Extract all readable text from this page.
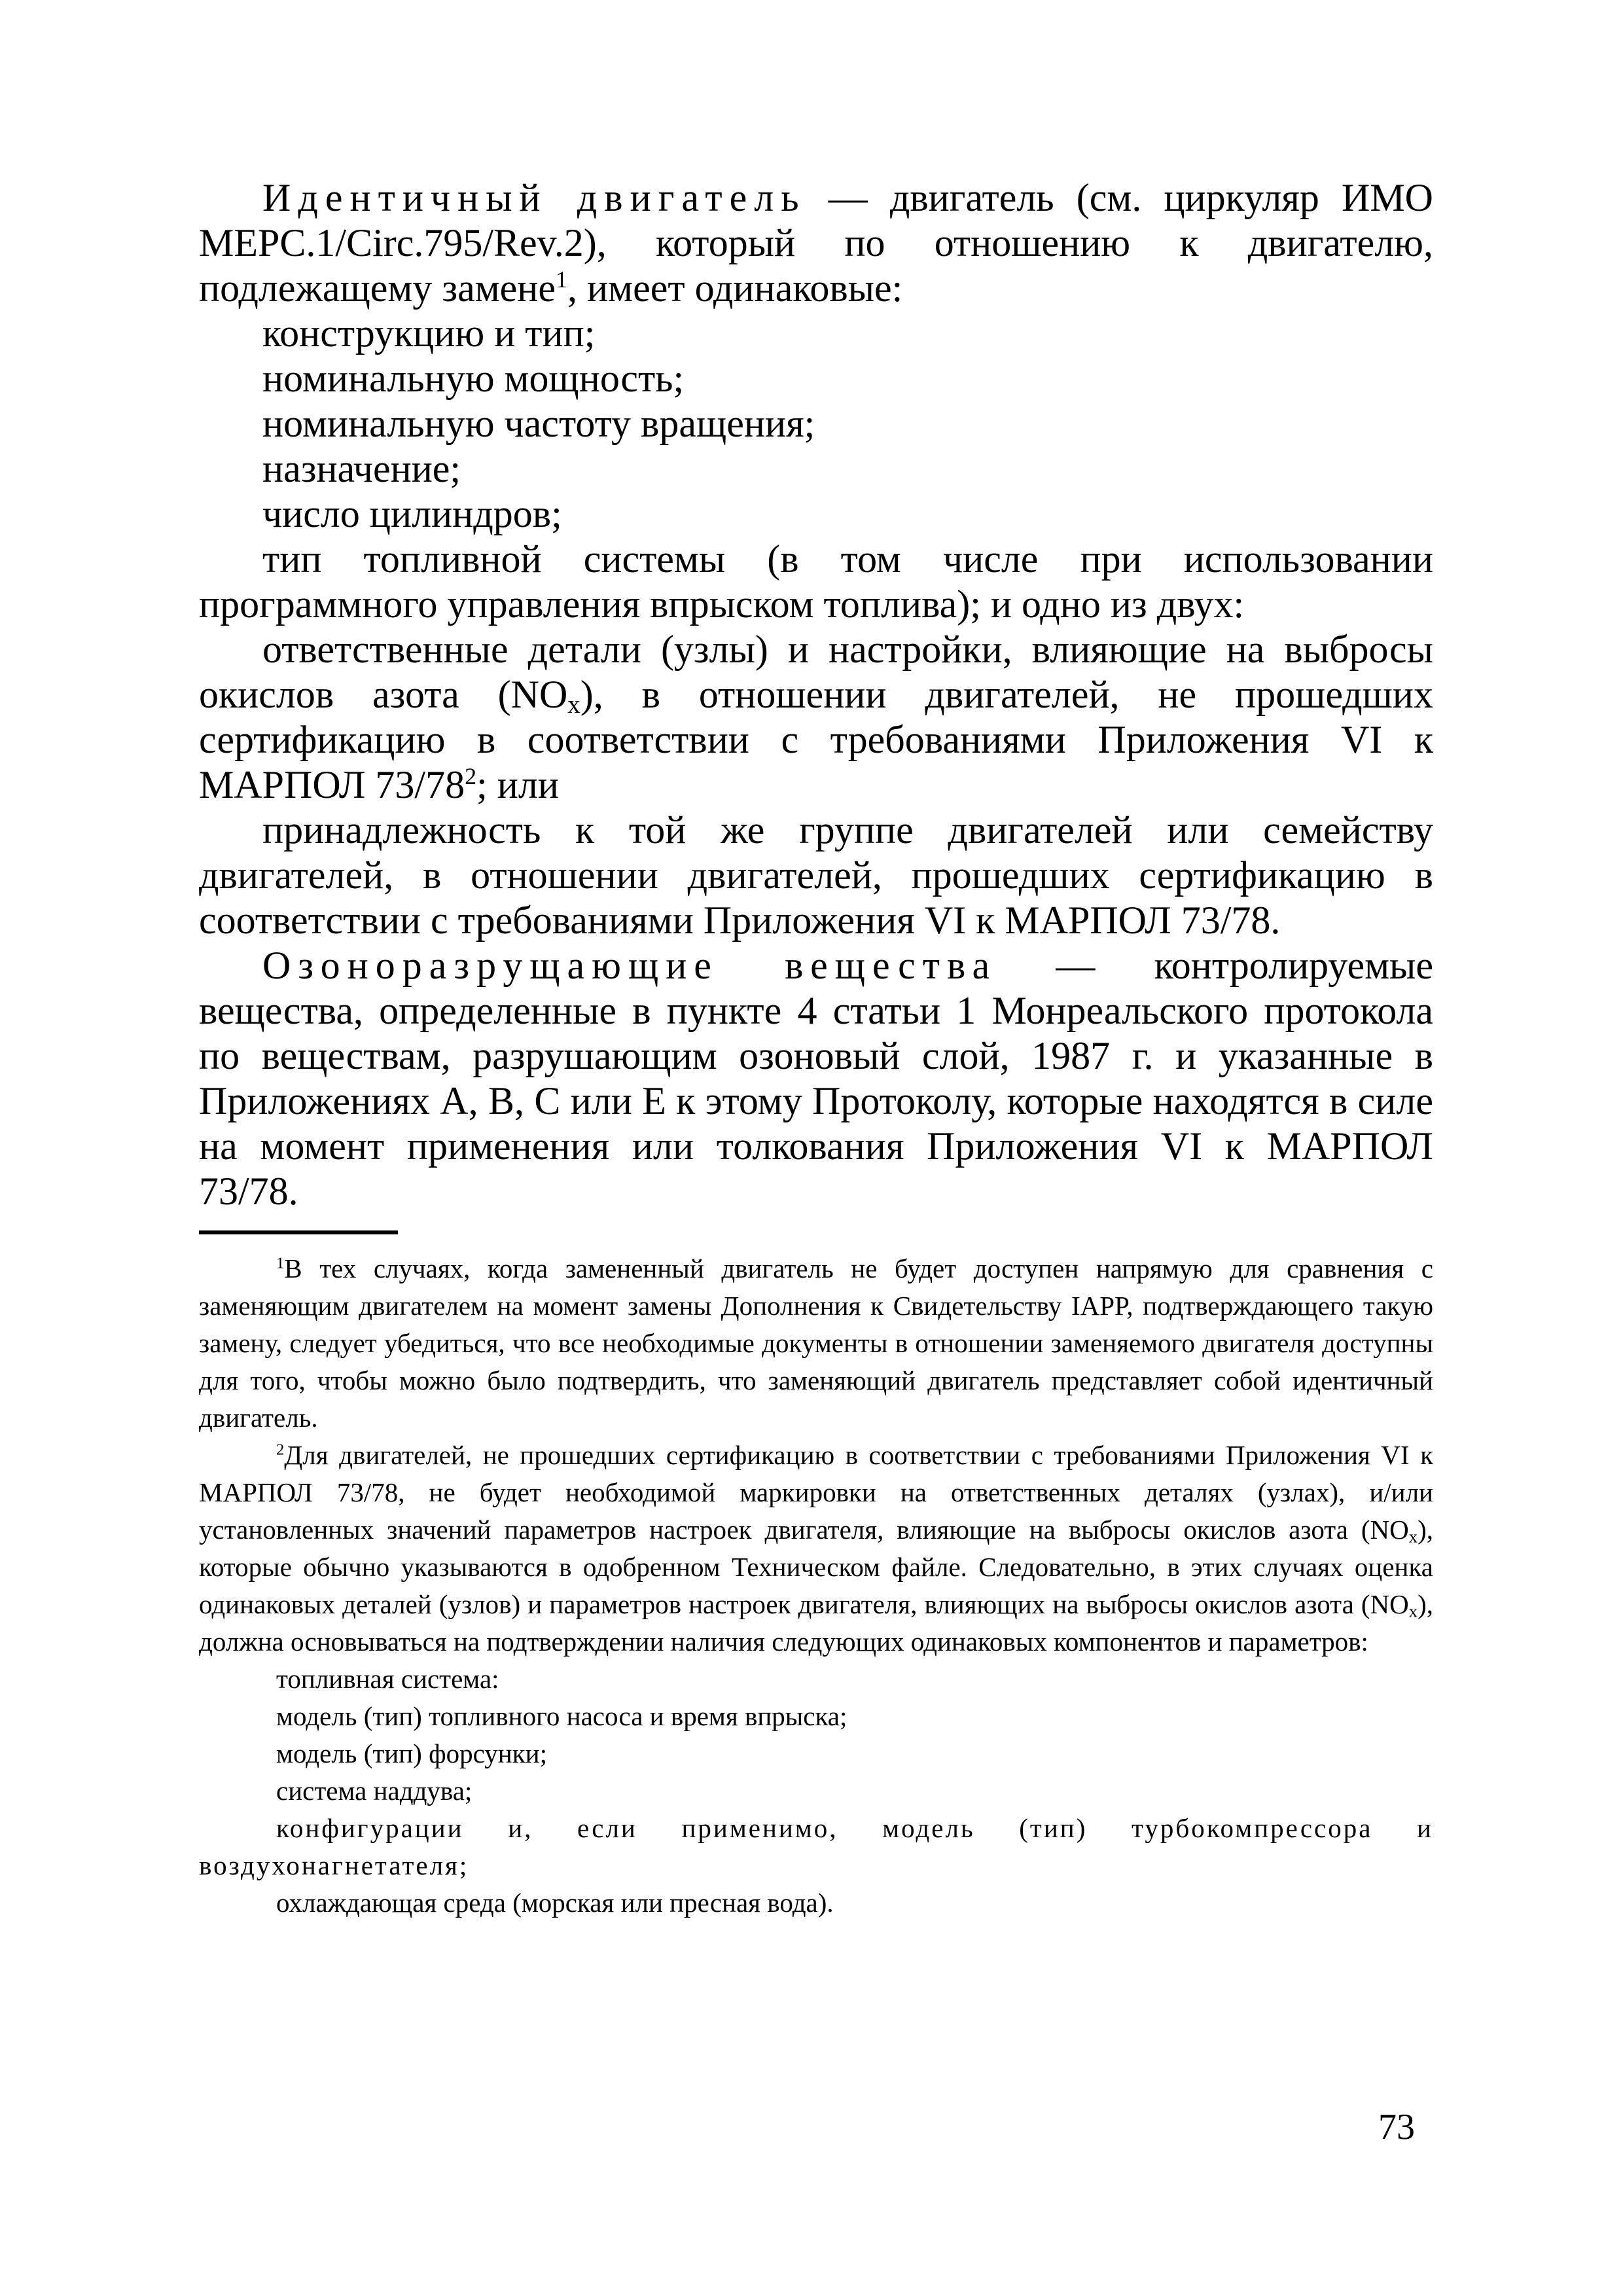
Идентичный двигатель — двигатель (см. циркуляр ИМО MEPC.1/Circ.795/Rev.2), который по отношению к двигателю, подлежащему замене$^1$, имеет одинаковые:

конструкцию и тип;

номинальную мощность;

номинальную частоту вращения;

назначение;

число цилиндров;

тип топливной системы (в том числе при использовании программного управления впрыском топлива); и одно из двух:

ответственные детали (узлы) и настройки, влияющие на выбросы окислов азота $(NO_x)$, в отношении двигателей, не прошедших сертификацию в соответствии с требованиями Приложения VI к МАРПОЛ $73/78^2$; или

принадлежность к той же группе двигателей или семейству двигателей, в отношении двигателей, прошедших сертификацию в соответствии с требованиями Приложения VI к МАРПОЛ 73/78.

Озоноразрущающие вещества — контролируемые вещества, определенные в пункте 4 статьи 1 Монреальского протокола по веществам, разрушающим озоновый слой, 1987 г. и указанные в Приложениях А, В, С или Е к этому Протоколу, которые находятся в силе на момент применения или толкования Приложения VI к МАРПОЛ 73/78.

$^1$В тех случаях, когда замененный двигатель не будет доступен напрямую для сравнения с заменяющим двигателем на момент замены Дополнения к Свидетельству IAPP, подтверждающего такую замену, следует убедиться, что все необходимые документы в отношении заменяемого двигателя доступны для того, чтобы можно было подтвердить, что заменяющий двигатель представляет собой идентичный двигатель.

$^2$Для двигателей, не прошедших сертификацию в соответствии с требованиями Приложения VI к МАРПОЛ 73/78, не будет необходимой маркировки на ответственных деталях (узлах), и/или установленных значений параметров настроек двигателя, влияющие на выбросы окислов азота $(NO_x)$, которые обычно указываются в одобренном Техническом файле. Следовательно, в этих случаях оценка одинаковых деталей (узлов) и параметров настроек двигателя, влияющих на выбросы окислов азота $(NO_x)$, должна основываться на подтверждении наличия следующих одинаковых компонентов и параметров:

топливная система:

модель (тип) топливного насоса и время впрыска;

модель (тип) форсунки;

система наддува;

конфигурации и, если применимо, модель (тип) турбокомпрессора и воздухонагнетателя;

охлаждающая среда (морская или пресная вода).

73
